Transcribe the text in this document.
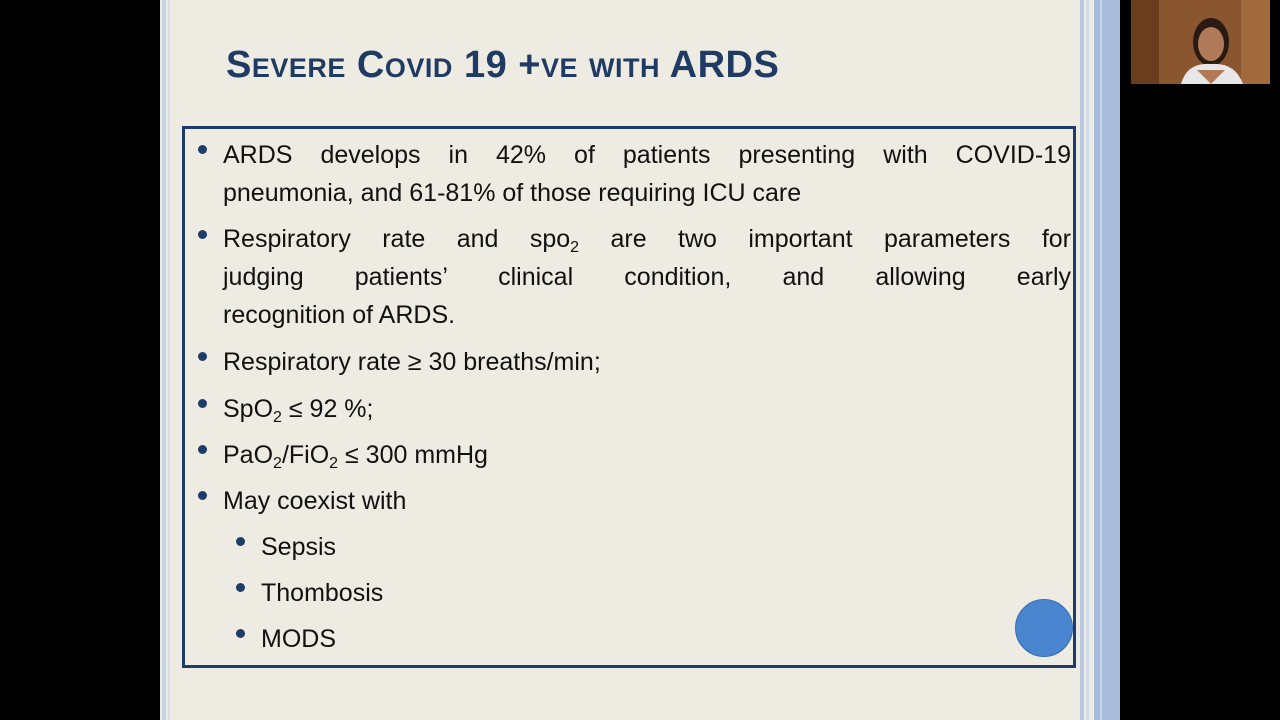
Severe Covid 19 +ve with ARDS
ARDS develops in 42% of patients presenting with COVID-19
pneumonia, and 61-81% of those requiring ICU care
Respiratory rate and spo$_2$ are two important parameters for
judging patients’ clinical condition, and allowing early
recognition of ARDS.
Respiratory rate ≥ 30 breaths/min;
SpO$_2$ ≤ 92 %;
PaO$_2$/FiO$_2$ ≤ 300 mmHg
May coexist with
Sepsis
Thombosis
MODS
